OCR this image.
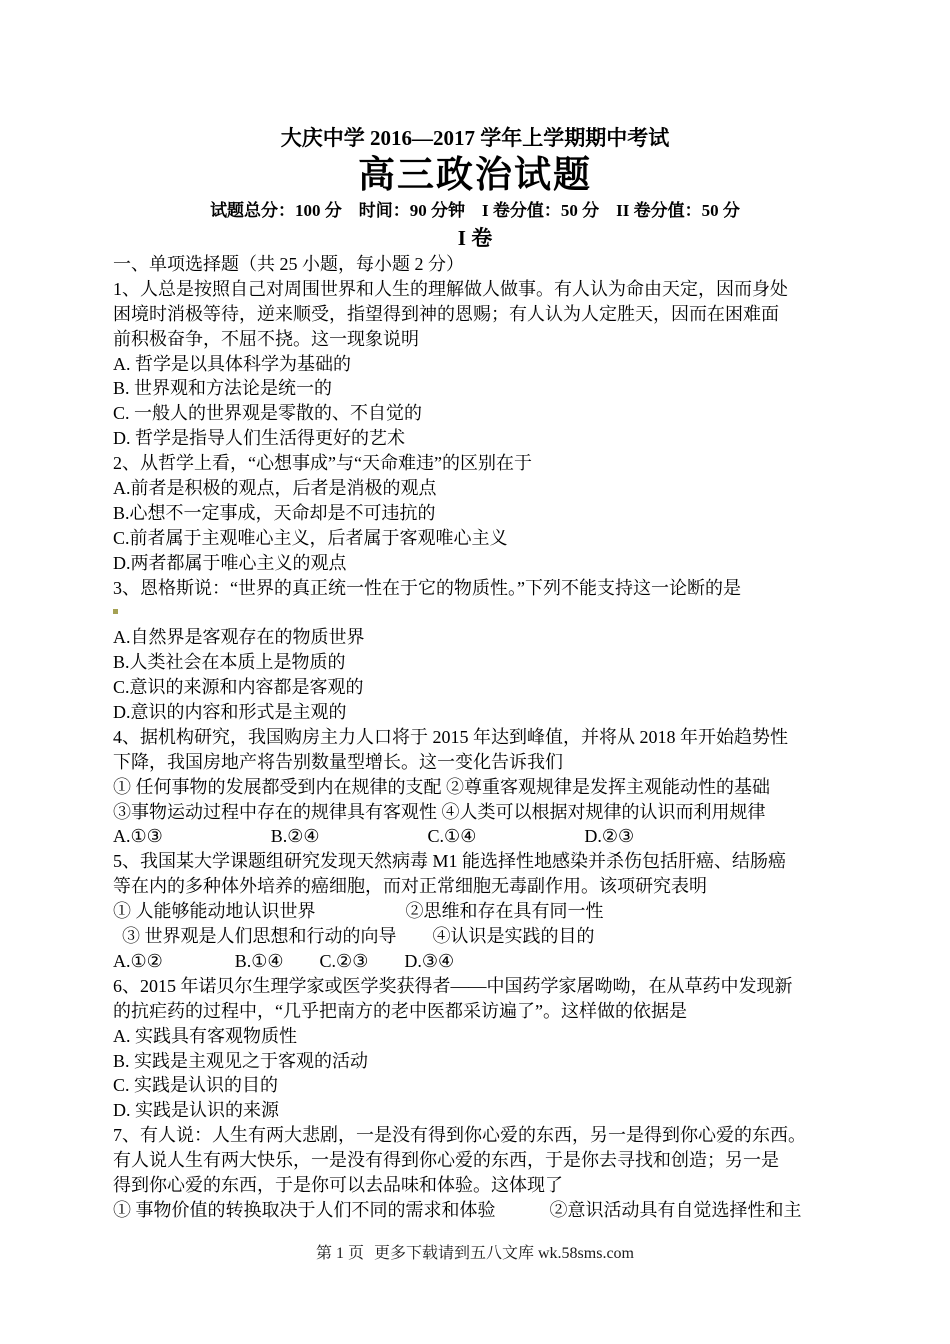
大庆中学 2016—2017 学年上学期期中考试
高三政治试题
试题总分：100 分　时间：90 分钟　I 卷分值：50 分　II 卷分值：50 分
I 卷
一、单项选择题（共 25 小题，每小题 2 分）
1、人总是按照自己对周围世界和人生的理解做人做事。有人认为命由天定，因而身处
困境时消极等待，逆来顺受，指望得到神的恩赐；有人认为人定胜天，因而在困难面
前积极奋争，不屈不挠。这一现象说明
A. 哲学是以具体科学为基础的
B. 世界观和方法论是统一的
C. 一般人的世界观是零散的、不自觉的
D. 哲学是指导人们生活得更好的艺术
2、从哲学上看，“心想事成”与“天命难违”的区别在于
A.前者是积极的观点，后者是消极的观点
B.心想不一定事成，天命却是不可违抗的
C.前者属于主观唯心主义，后者属于客观唯心主义
D.两者都属于唯心主义的观点
3、恩格斯说：“世界的真正统一性在于它的物质性。”下列不能支持这一论断的是
A.自然界是客观存在的物质世界
B.人类社会在本质上是物质的
C.意识的来源和内容都是客观的
D.意识的内容和形式是主观的
4、据机构研究，我国购房主力人口将于 2015 年达到峰值，并将从 2018 年开始趋势性
下降，我国房地产将告别数量型增长。这一变化告诉我们
① 任何事物的发展都受到内在规律的支配 ②尊重客观规律是发挥主观能动性的基础
③事物运动过程中存在的规律具有客观性 ④人类可以根据对规律的认识而利用规律
A.①③　　　　　　B.②④　　　　　　C.①④　　　　　　D.②③
5、我国某大学课题组研究发现天然病毒 M1 能选择性地感染并杀伤包括肝癌、结肠癌
等在内的多种体外培养的癌细胞，而对正常细胞无毒副作用。该项研究表明
① 人能够能动地认识世界　　　　　②思维和存在具有同一性
③ 世界观是人们思想和行动的向导　　④认识是实践的目的
A.①②　　　　B.①④　　C.②③　　D.③④
6、2015 年诺贝尔生理学家或医学奖获得者——中国药学家屠呦呦，在从草药中发现新
的抗疟药的过程中，“几乎把南方的老中医都采访遍了”。这样做的依据是
A. 实践具有客观物质性
B. 实践是主观见之于客观的活动
C. 实践是认识的目的
D. 实践是认识的来源
7、有人说：人生有两大悲剧，一是没有得到你心爱的东西，另一是得到你心爱的东西。
有人说人生有两大快乐，一是没有得到你心爱的东西，于是你去寻找和创造；另一是
得到你心爱的东西，于是你可以去品味和体验。这体现了
① 事物价值的转换取决于人们不同的需求和体验　　　②意识活动具有自觉选择性和主
第 1 页 更多下载请到五八文库 wk.58sms.com
